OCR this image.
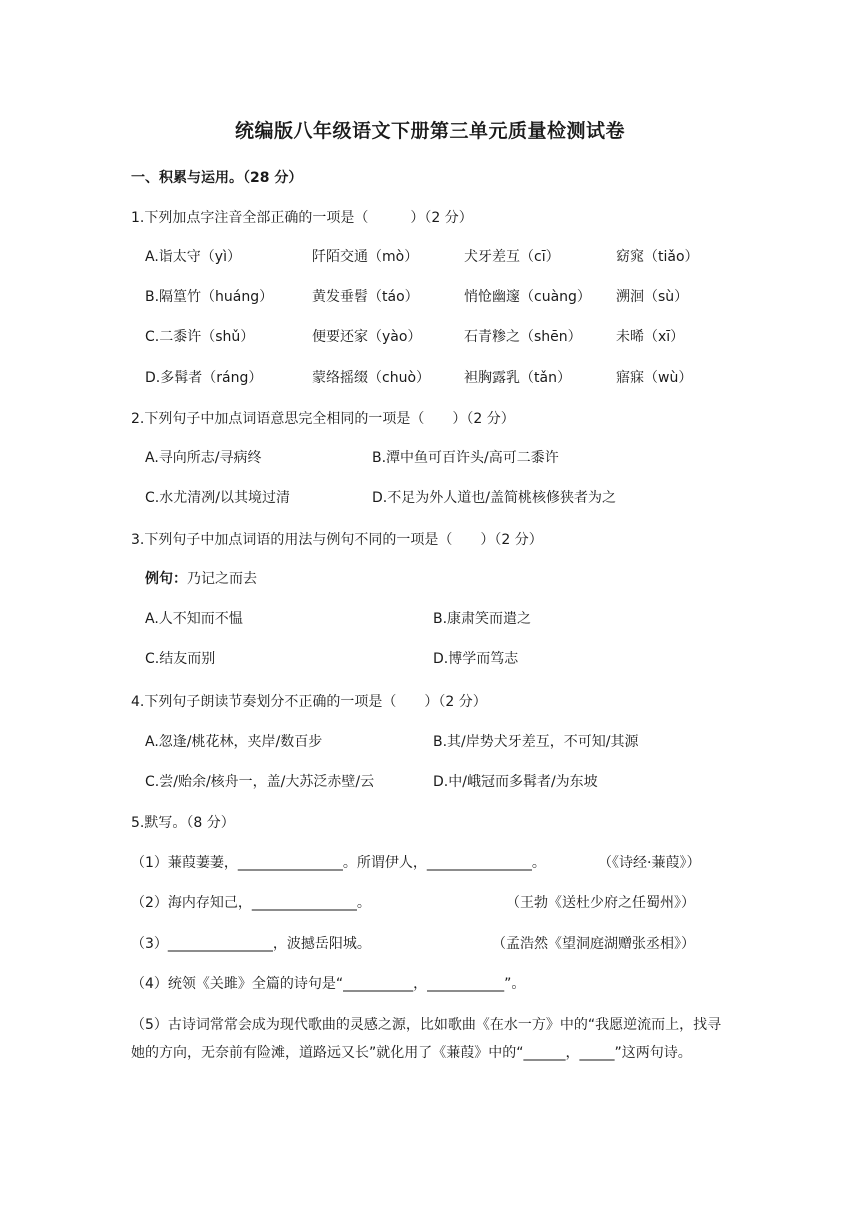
统编版八年级语文下册第三单元质量检测试卷
一、积累与运用。（28 分）
1.下列加点字注音全部正确的一项是（　　　）（2 分）
A.诣太守（yì）	阡陌交通（mò）	犬牙差互（cī）	窈窕（tiǎo）
B.隔篁竹（huáng）	黄发垂髫（táo）	悄怆幽邃（cuàng） 溯洄（sù）
C.二黍许（shǔ）	便要还家（yào）	石青糁之（shēn） 未晞（xī）
D.多髯者（ráng）	蒙络摇缀（chuò） 袒胸露乳（tǎn）	寤寐（wù）
2.下列句子中加点词语意思完全相同的一项是（　　）（2 分）
A.寻向所志/寻病终	B.潭中鱼可百许头/高可二黍许
C.水尤清冽/以其境过清	D.不足为外人道也/盖简桃核修狭者为之
3.下列句子中加点词语的用法与例句不同的一项是（　　）（2 分）
例句：乃记之而去
A.人不知而不愠	B.康肃笑而遣之
C.结友而别	D.博学而笃志
4.下列句子朗读节奏划分不正确的一项是（　　）（2 分）
A.忽逢/桃花林，夹岸/数百步	B.其/岸势犬牙差互，不可知/其源
C.尝/贻余/核舟一，盖/大苏泛赤壁/云	D.中/峨冠而多髯者/为东坡
5.默写。（8 分）
（1）蒹葭萋萋，_______________。所谓伊人，_______________。	（《诗经·蒹葭》）
（2）海内存知己，_______________。	（王勃《送杜少府之任蜀州》）
（3）_______________，波撼岳阳城。	（孟浩然《望洞庭湖赠张丞相》）
（4）统领《关雎》全篇的诗句是“__________，___________”。
（5）古诗词常常会成为现代歌曲的灵感之源，比如歌曲《在水一方》中的“我愿逆流而上，找寻她的方向，无奈前有险滩，道路远又长”就化用了《蒹葭》中的“______，_____”这两句诗。
